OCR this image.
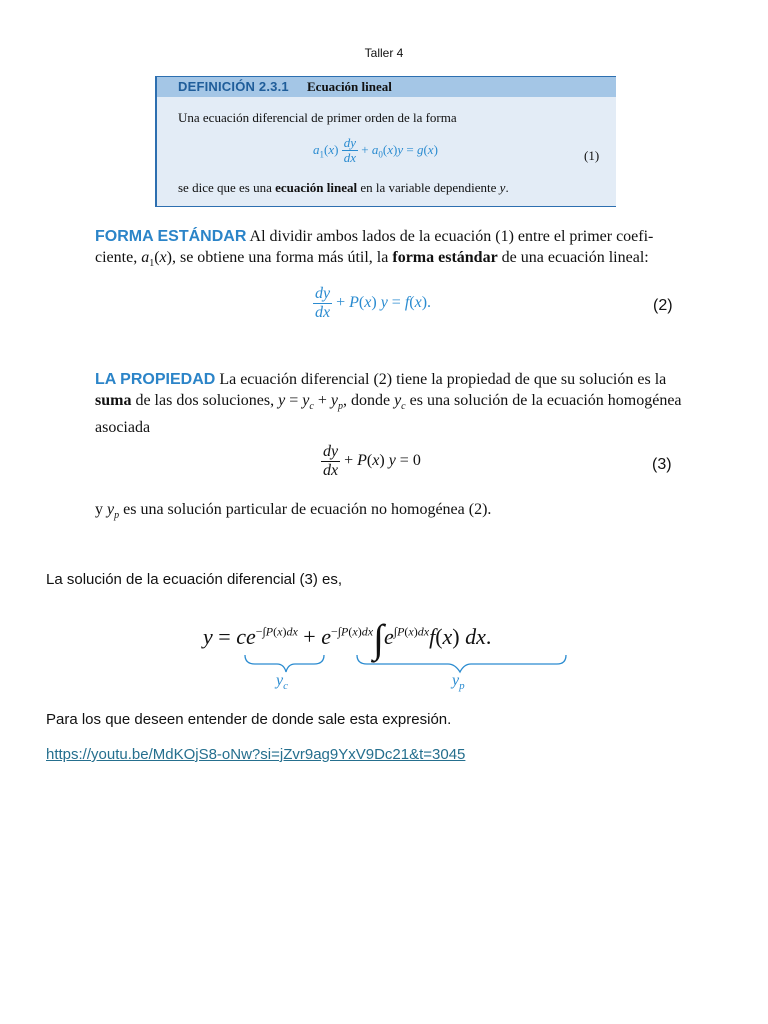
Taller 4
DEFINICIÓN 2.3.1 Ecuación lineal
Una ecuación diferencial de primer orden de la forma
$a_1(x) \frac{dy}{dx} + a_0(x)y = g(x)$	(1)
se dice que es una ecuación lineal en la variable dependiente y.
FORMA ESTÁNDAR Al dividir ambos lados de la ecuación (1) entre el primer coefi-ciente, $a_1(x)$, se obtiene una forma más útil, la forma estándar de una ecuación lineal:
$\frac{dy}{dx} + P(x) y = f(x)$.	(2)
LA PROPIEDAD La ecuación diferencial (2) tiene la propiedad de que su solución es la suma de las dos soluciones, $y = y_c + y_p$, donde $y_c$ es una solución de la ecuación homogénea asociada
$\frac{dy}{dx} + P(x) y = 0$	(3)
y $y_p$ es una solución particular de ecuación no homogénea (2).
La solución de la ecuación diferencial (3) es,
$y = ce^{-\int P(x)dx} + e^{-\int P(x)dx}\int e^{\int P(x)dx}f(x)$ dx.
$y_c$	$y_p$
Para los que deseen entender de donde sale esta expresión.
https://youtu.be/MdKOjS8-oNw?si=jZvr9ag9YxV9Dc21&t=3045
